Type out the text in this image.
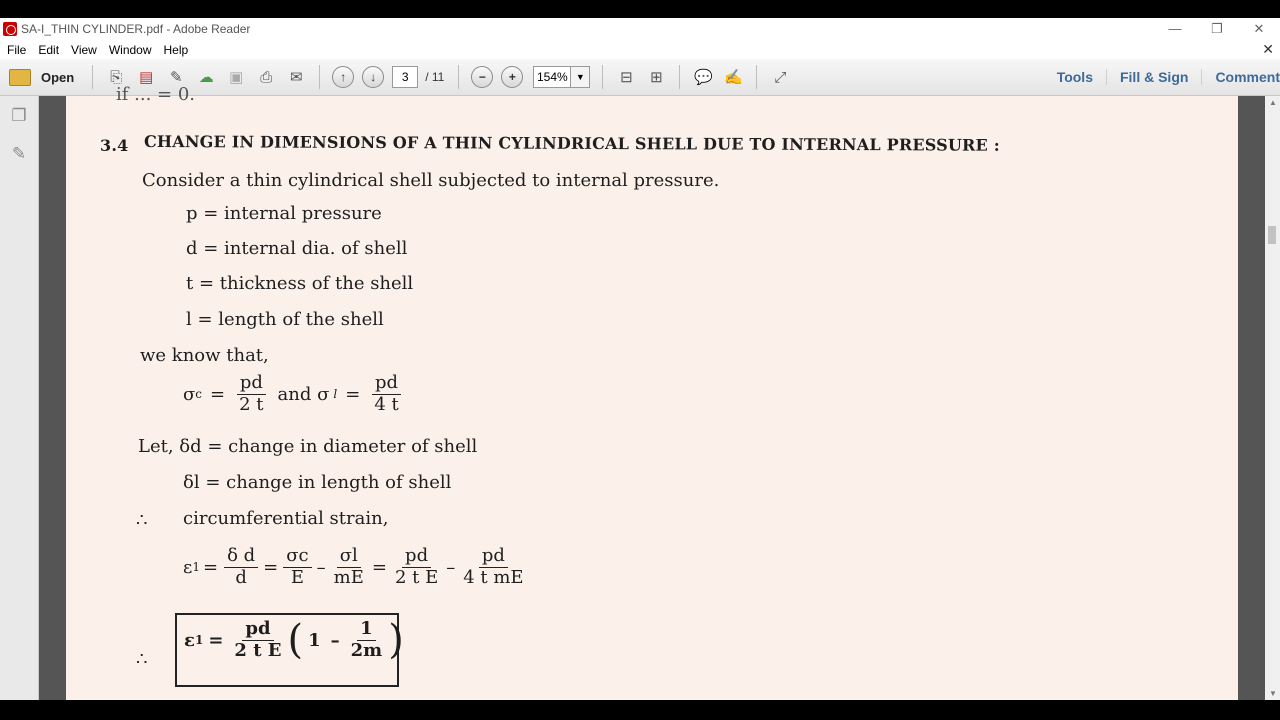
SA-I_THIN CYLINDER.pdf - Adobe Reader	—	❐	✕
File	Edit	View	Window	Help	✕
Open	⎘	▤	✎	☁ ▣	⎙	✉	↑	↓	3	/ 11	−	+	154% ▼	⊟	⊞	💬 ✍	⤢	Tools	Fill & Sign	Comment
❐
✎
if ... = 0.
3.4 CHANGE IN DIMENSIONS OF A THIN CYLINDRICAL SHELL DUE TO INTERNAL PRESSURE :
Consider a thin cylindrical shell subjected to internal pressure.
p = internal pressure
d = internal dia. of shell
t = thickness of the shell
l = length of the shell
we know that,
σ $c = \frac{pd}{2 t}$ and σ $l = \frac{pd}{4 t}$
Let, δd = change in diameter of shell
δl = change in length of shell
∴ circumferential strain,
ε $1 = \frac{\text{δ d}}{d} = \frac{\sigma c}{E} - \frac{\sigma l}{mE} = \frac{pd}{\text{2 t E}} - \frac{pd}{\text{4 t mE}}$
∴
ε $1 = \frac{pd}{\text{2 t E}}$ ( $1 - \frac{1}{2m}$ )
▲
▼
